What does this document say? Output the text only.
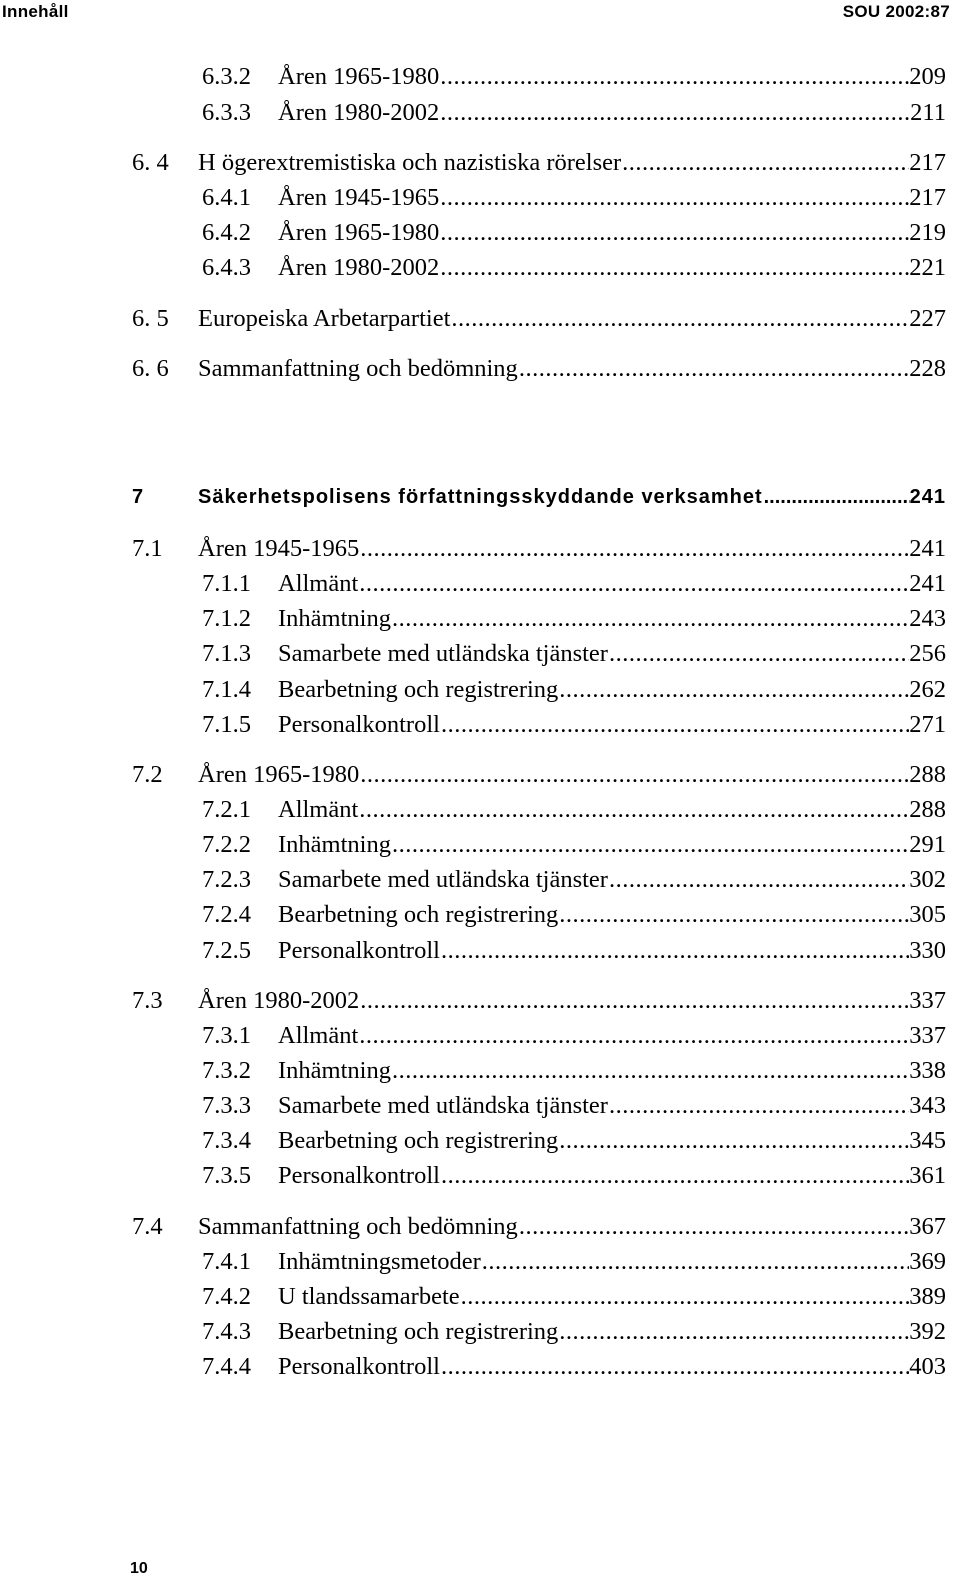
Innehåll	SOU 2002:87
6.3.2	Åren 1965-1980 .....	209
6.3.3	Åren 1980-2002 .....	211
6. 4	H ögerextremistiska och nazistiska rörelser .....	217
6.4.1	Åren 1945-1965 .....	217
6.4.2	Åren 1965-1980 .....	219
6.4.3	Åren 1980-2002 .....	221
6. 5	Europeiska Arbetarpartiet .....	227
6. 6	Sammanfattning och bedömning .....	228
7	Säkerhetspolisens författningsskyddande verksamhet .....	241
7.1	Åren 1945-1965 .....	241
7.1.1	Allmänt .....	241
7.1.2	Inhämtning .....	243
7.1.3	Samarbete med utländska tjänster .....	256
7.1.4	Bearbetning och registrering .....	262
7.1.5	Personalkontroll .....	271
7.2	Åren 1965-1980 .....	288
7.2.1	Allmänt .....	288
7.2.2	Inhämtning .....	291
7.2.3	Samarbete med utländska tjänster .....	302
7.2.4	Bearbetning och registrering .....	305
7.2.5	Personalkontroll .....	330
7.3	Åren 1980-2002 .....	337
7.3.1	Allmänt .....	337
7.3.2	Inhämtning .....	338
7.3.3	Samarbete med utländska tjänster .....	343
7.3.4	Bearbetning och registrering .....	345
7.3.5	Personalkontroll .....	361
7.4	Sammanfattning och bedömning .....	367
7.4.1	Inhämtningsmetoder .....	369
7.4.2	U tlandssamarbete .....	389
7.4.3	Bearbetning och registrering .....	392
7.4.4	Personalkontroll .....	403
10
